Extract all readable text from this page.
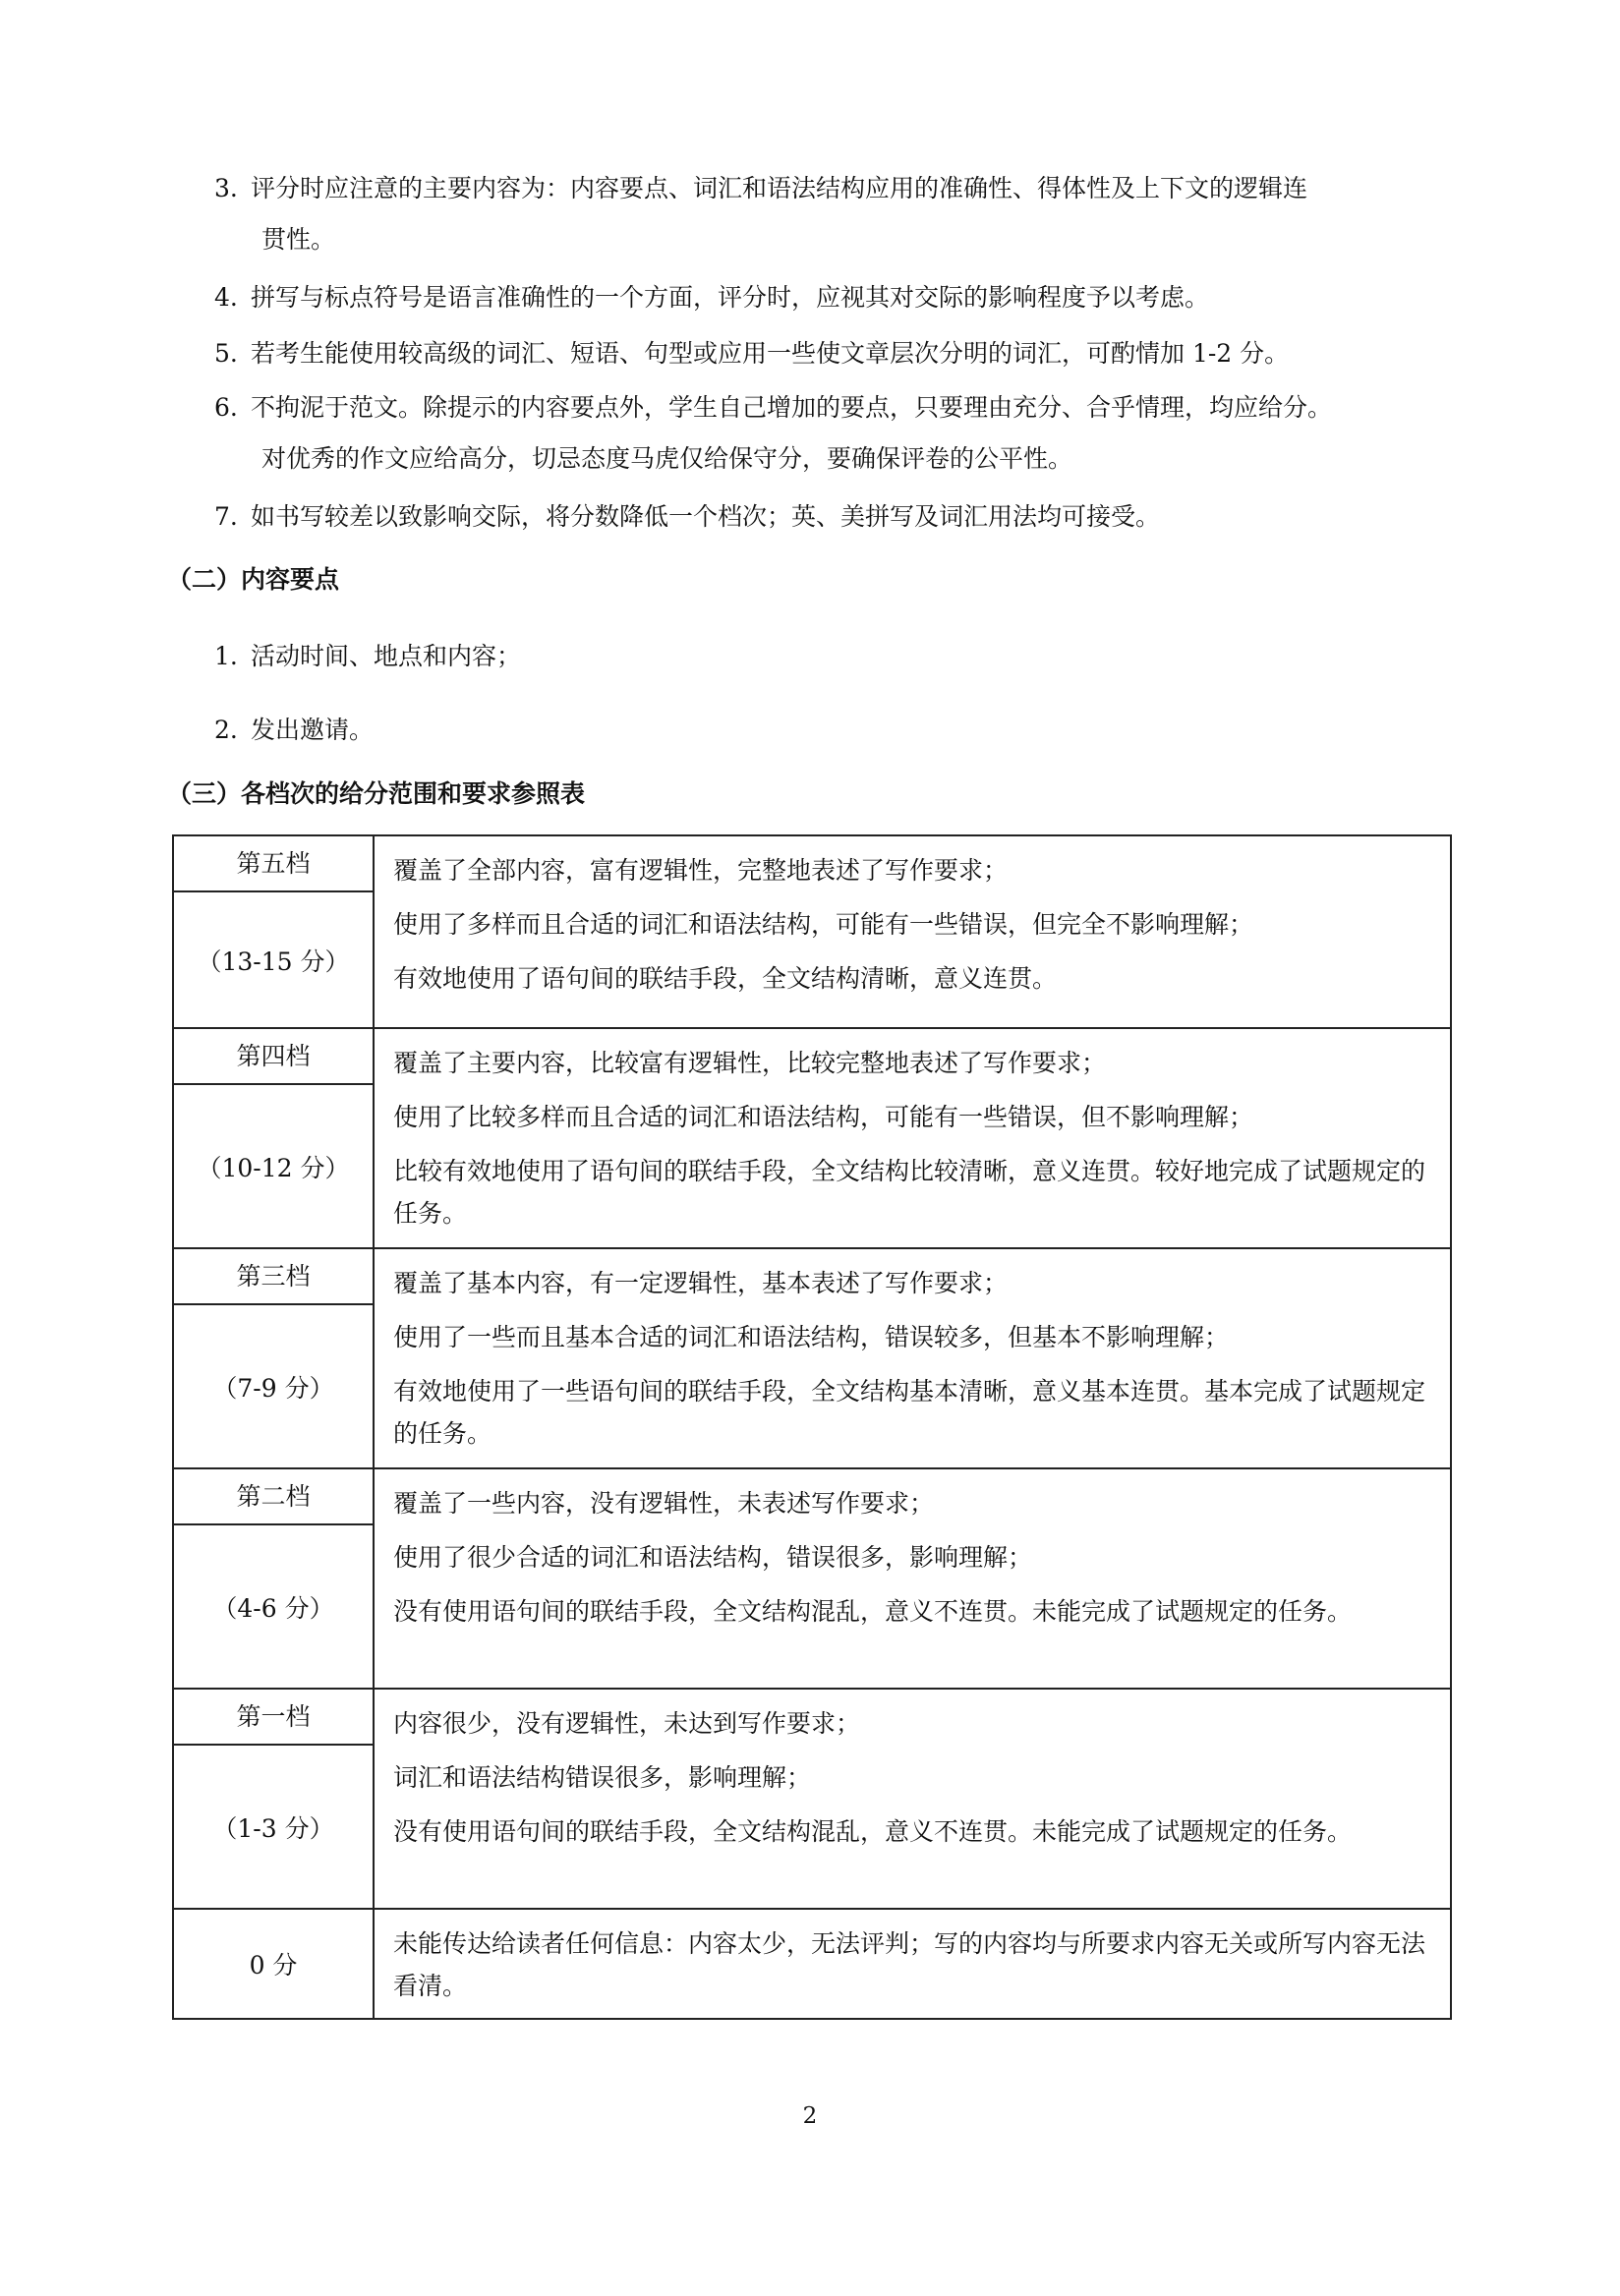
3. 评分时应注意的主要内容为：内容要点、词汇和语法结构应用的准确性、得体性及上下文的逻辑连
贯性。
4. 拼写与标点符号是语言准确性的一个方面，评分时，应视其对交际的影响程度予以考虑。
5. 若考生能使用较高级的词汇、短语、句型或应用一些使文章层次分明的词汇，可酌情加 1-2 分。
6. 不拘泥于范文。除提示的内容要点外，学生自己增加的要点，只要理由充分、合乎情理，均应给分。
对优秀的作文应给高分，切忌态度马虎仅给保守分，要确保评卷的公平性。
7. 如书写较差以致影响交际，将分数降低一个档次；英、美拼写及词汇用法均可接受。
（二）内容要点
1. 活动时间、地点和内容；
2. 发出邀请。
（三）各档次的给分范围和要求参照表
第五档
（13-15 分）

覆盖了全部内容，富有逻辑性，完整地表述了写作要求；

使用了多样而且合适的词汇和语法结构，可能有一些错误，但完全不影响理解；

有效地使用了语句间的联结手段，全文结构清晰，意义连贯。

第四档
（10-12 分）

覆盖了主要内容，比较富有逻辑性，比较完整地表述了写作要求；

使用了比较多样而且合适的词汇和语法结构，可能有一些错误，但不影响理解；

比较有效地使用了语句间的联结手段，全文结构比较清晰，意义连贯。较好地完成了试题规定的任务。

第三档
（7-9 分）

覆盖了基本内容，有一定逻辑性，基本表述了写作要求；

使用了一些而且基本合适的词汇和语法结构，错误较多，但基本不影响理解；

有效地使用了一些语句间的联结手段，全文结构基本清晰，意义基本连贯。基本完成了试题规定的任务。

第二档
（4-6 分）

覆盖了一些内容，没有逻辑性，未表述写作要求；

使用了很少合适的词汇和语法结构，错误很多，影响理解；

没有使用语句间的联结手段，全文结构混乱，意义不连贯。未能完成了试题规定的任务。

第一档
（1-3 分）

内容很少，没有逻辑性，未达到写作要求；

词汇和语法结构错误很多，影响理解；

没有使用语句间的联结手段，全文结构混乱，意义不连贯。未能完成了试题规定的任务。

0 分

未能传达给读者任何信息：内容太少，无法评判；写的内容均与所要求内容无关或所写内容无法看清。

2
